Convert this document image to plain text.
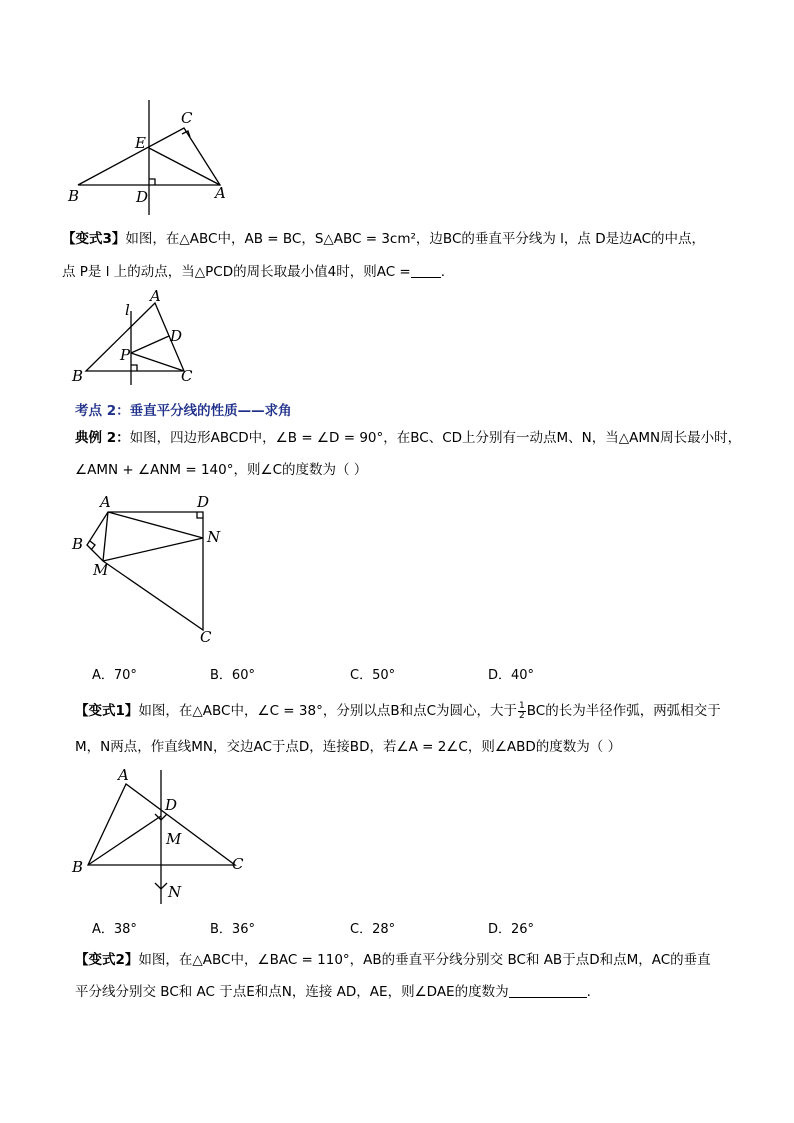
B	D
E
C
A
【变式3】如图，在△ABC中，AB = BC，S△ABC = 3cm²，边BC的垂直平分线为 l，点 D是边AC的中点，
点 P是 l 上的动点，当△PCD的周长取最小值4时，则AC = .
l
A
D
P
B	C
考点 2：垂直平分线的性质——求角
典例 2：如图，四边形ABCD中，∠B = ∠D = 90°，在BC、CD上分别有一动点M、N，当△AMN周长最小时，
∠AMN + ∠ANM = 140°，则∠C的度数为（ ）
A	D
B	N
M
C
A．70°	B．60°	C．50°	D．40°
【变式1】如图，在△ABC中，∠C = 38°，分别以点B和点C为圆心，大于 $\frac{1}{2}$ BC的长为半径作弧，两弧相交于
M，N两点，作直线MN，交边AC于点D，连接BD，若∠A = 2∠C，则∠ABD的度数为（ ）
A
D
M
B	C
N
A．38°	B．36°	C．28°	D．26°
【变式2】如图，在△ABC中，∠BAC = 110°，AB的垂直平分线分别交 BC和 AB于点D和点M，AC的垂直
平分线分别交 BC和 AC 于点E和点N，连接 AD，AE，则∠DAE的度数为	.
